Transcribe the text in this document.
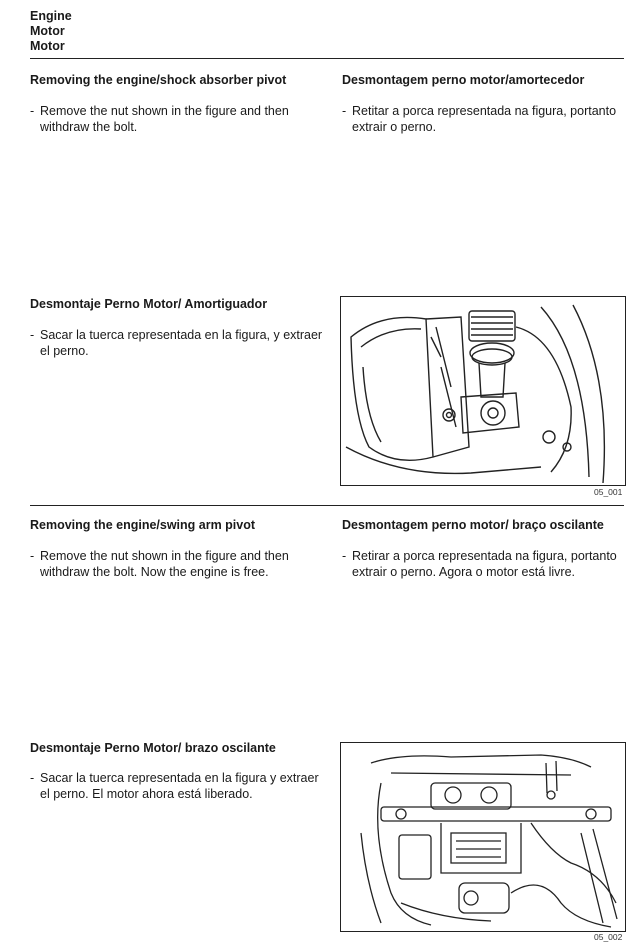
Engine
Motor
Motor
Removing the engine/shock absorber pivot
- Remove the nut shown in the figure and then withdraw the bolt.
Desmontagem perno motor/amortecedor
- Retitar a porca representada na figura, portanto extrair o perno.
Desmontaje Perno Motor/ Amortiguador
- Sacar la tuerca representada en la figura, y extraer el perno.
05_001
Removing the engine/swing arm pivot
- Remove the nut shown in the figure and then withdraw the bolt. Now the engine is free.
Desmontagem perno motor/ braço oscilante
- Retirar a porca representada na figura, portanto extrair o perno. Agora o motor está livre.
Desmontaje Perno Motor/ brazo oscilante
- Sacar la tuerca representada en la figura y extraer el perno. El motor ahora está liberado.
05_002
